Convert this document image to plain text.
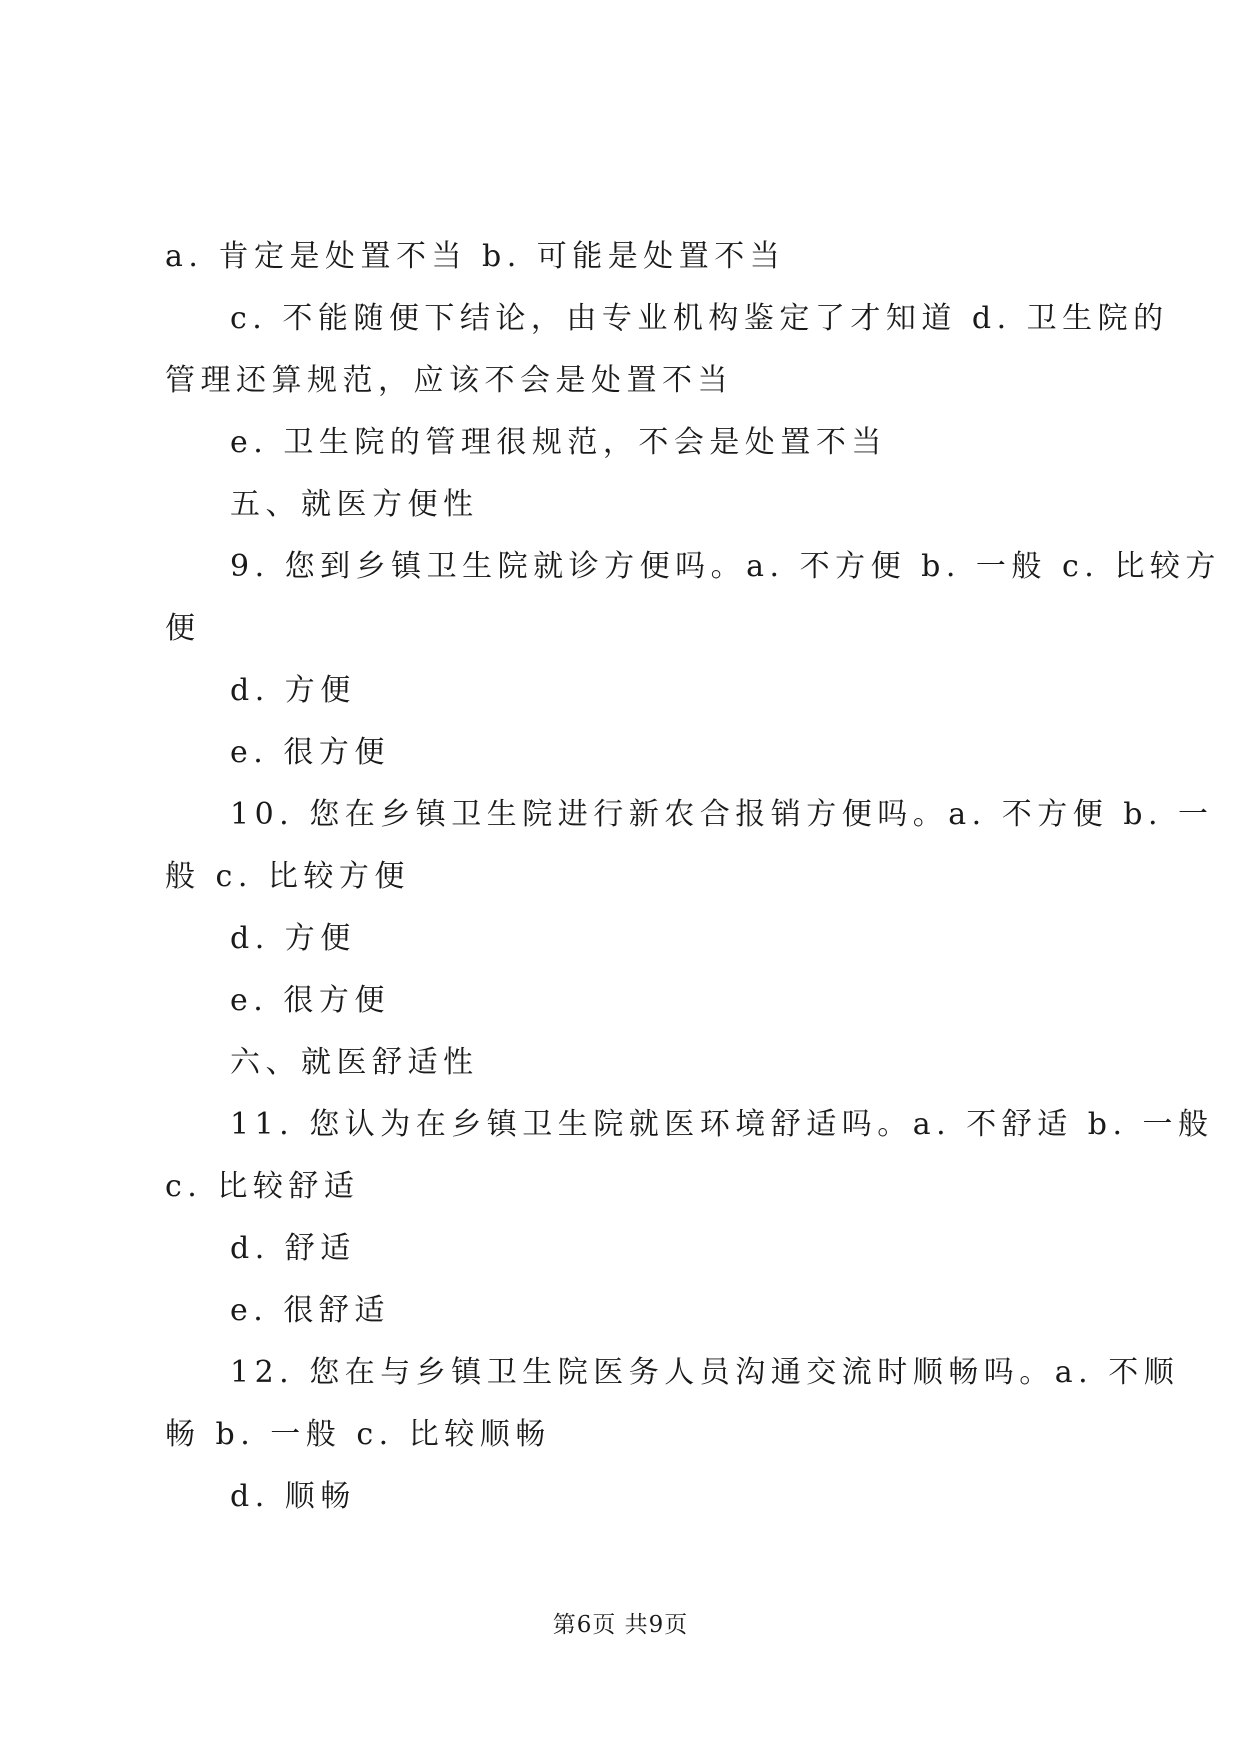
a. 肯定是处置不当 b. 可能是处置不当
c. 不能随便下结论，由专业机构鉴定了才知道 d. 卫生院的
管理还算规范，应该不会是处置不当
e. 卫生院的管理很规范，不会是处置不当
五、就医方便性
9. 您到乡镇卫生院就诊方便吗。a. 不方便 b. 一般 c. 比较方
便
d. 方便
e. 很方便
10. 您在乡镇卫生院进行新农合报销方便吗。a. 不方便 b. 一
般 c. 比较方便
d. 方便
e. 很方便
六、就医舒适性
11. 您认为在乡镇卫生院就医环境舒适吗。a. 不舒适 b. 一般
c. 比较舒适
d. 舒适
e. 很舒适
12. 您在与乡镇卫生院医务人员沟通交流时顺畅吗。a. 不顺
畅 b. 一般 c. 比较顺畅
d. 顺畅
第6页 共9页
